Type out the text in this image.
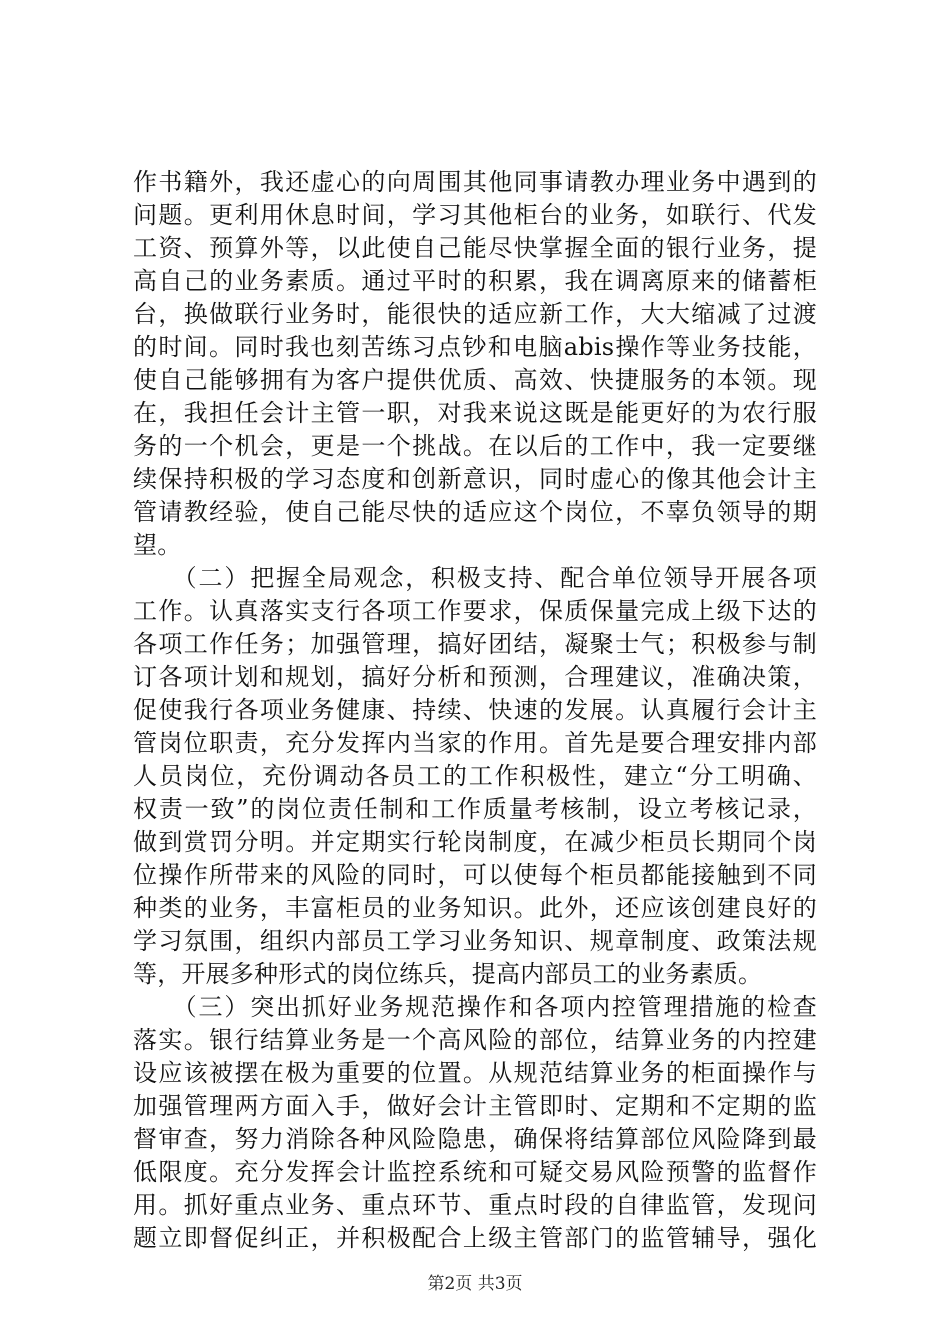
作书籍外，我还虚心的向周围其他同事请教办理业务中遇到的
问题。更利用休息时间，学习其他柜台的业务，如联行、代发
工资、预算外等，以此使自己能尽快掌握全面的银行业务，提
高自己的业务素质。通过平时的积累，我在调离原来的储蓄柜
台，换做联行业务时，能很快的适应新工作，大大缩减了过渡
的时间。同时我也刻苦练习点钞和电脑abis操作等业务技能，
使自己能够拥有为客户提供优质、高效、快捷服务的本领。现
在，我担任会计主管一职，对我来说这既是能更好的为农行服
务的一个机会，更是一个挑战。在以后的工作中，我一定要继
续保持积极的学习态度和创新意识，同时虚心的像其他会计主
管请教经验，使自己能尽快的适应这个岗位，不辜负领导的期
望。
　　（二）把握全局观念，积极支持、配合单位领导开展各项
工作。认真落实支行各项工作要求，保质保量完成上级下达的
各项工作任务；加强管理，搞好团结，凝聚士气；积极参与制
订各项计划和规划，搞好分析和预测，合理建议，准确决策，
促使我行各项业务健康、持续、快速的发展。认真履行会计主
管岗位职责，充分发挥内当家的作用。首先是要合理安排内部
人员岗位，充份调动各员工的工作积极性，建立“分工明确、
权责一致”的岗位责任制和工作质量考核制，设立考核记录，
做到赏罚分明。并定期实行轮岗制度，在减少柜员长期同个岗
位操作所带来的风险的同时，可以使每个柜员都能接触到不同
种类的业务，丰富柜员的业务知识。此外，还应该创建良好的
学习氛围，组织内部员工学习业务知识、规章制度、政策法规
等，开展多种形式的岗位练兵，提高内部员工的业务素质。
　　（三）突出抓好业务规范操作和各项内控管理措施的检查
落实。银行结算业务是一个高风险的部位，结算业务的内控建
设应该被摆在极为重要的位置。从规范结算业务的柜面操作与
加强管理两方面入手，做好会计主管即时、定期和不定期的监
督审查，努力消除各种风险隐患，确保将结算部位风险降到最
低限度。充分发挥会计监控系统和可疑交易风险预警的监督作
用。抓好重点业务、重点环节、重点时段的自律监管，发现问
题立即督促纠正，并积极配合上级主管部门的监管辅导，强化
第2页 共3页
